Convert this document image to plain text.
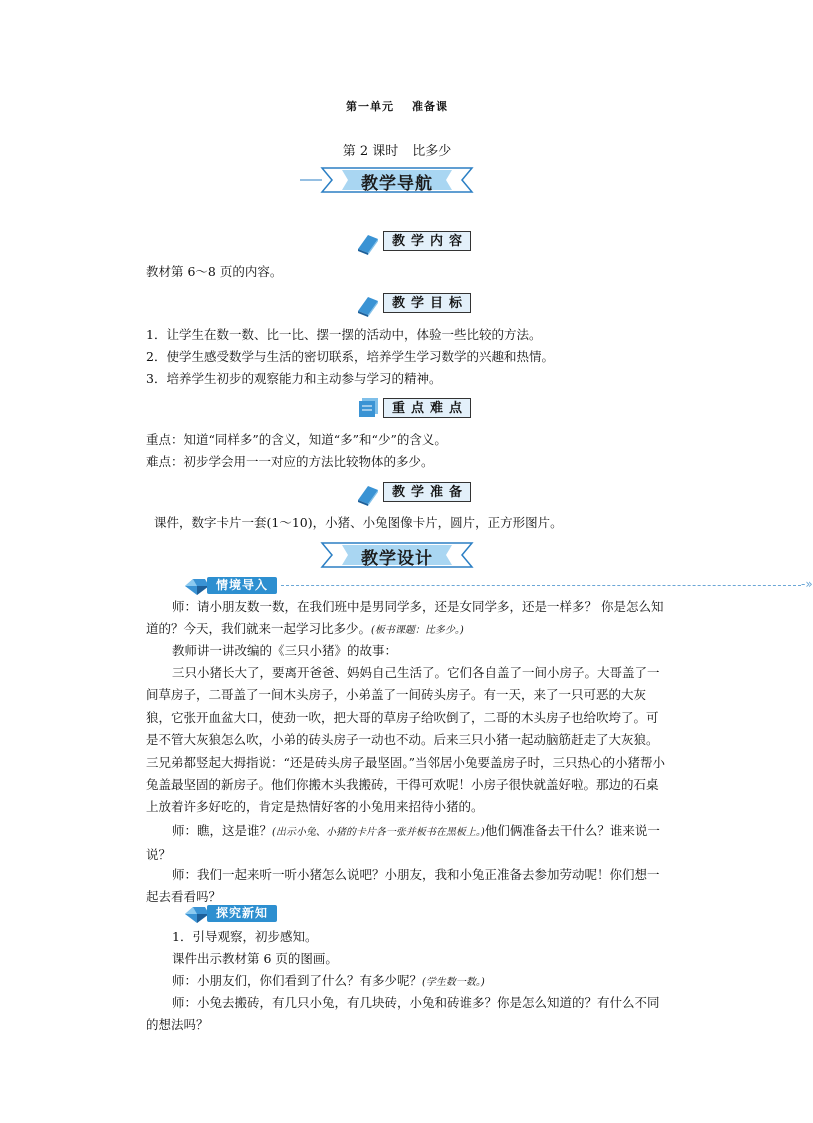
第一单元 准备课
第 2 课时 比多少
教学导航
教学内容
教材第 6～8 页的内容。
教学目标
1．让学生在数一数、比一比、摆一摆的活动中，体验一些比较的方法。
2．使学生感受数学与生活的密切联系，培养学生学习数学的兴趣和热情。
3．培养学生初步的观察能力和主动参与学习的精神。
重点难点
重点：知道“同样多”的含义，知道“多”和“少”的含义。
难点：初步学会用一一对应的方法比较物体的多少。
教学准备
课件，数字卡片一套(1～10)，小猪、小兔图像卡片，圆片，正方形图片。
教学设计
情境导入	-»
师：请小朋友数一数，在我们班中是男同学多，还是女同学多，还是一样多？ 你是怎么知道的？今天，我们就来一起学习比多少。(板书课题：比多少。)
教师讲一讲改编的《三只小猪》的故事：
三只小猪长大了，要离开爸爸、妈妈自己生活了。它们各自盖了一间小房子。大哥盖了一间草房子，二哥盖了一间木头房子，小弟盖了一间砖头房子。有一天，来了一只可恶的大灰狼，它张开血盆大口，使劲一吹，把大哥的草房子给吹倒了，二哥的木头房子也给吹垮了。可是不管大灰狼怎么吹，小弟的砖头房子一动也不动。后来三只小猪一起动脑筋赶走了大灰狼。三兄弟都竖起大拇指说：“还是砖头房子最坚固。”当邻居小兔要盖房子时，三只热心的小猪帮小兔盖最坚固的新房子。他们你搬木头我搬砖，干得可欢呢！小房子很快就盖好啦。那边的石桌上放着许多好吃的，肯定是热情好客的小兔用来招待小猪的。
师：瞧，这是谁？(出示小兔、小猪的卡片各一张并板书在黑板上。)他们俩准备去干什么？谁来说一说？
师：我们一起来听一听小猪怎么说吧？小朋友，我和小兔正准备去参加劳动呢！你们想一起去看看吗？
探究新知
1．引导观察，初步感知。
课件出示教材第 6 页的图画。
师：小朋友们，你们看到了什么？有多少呢？(学生数一数。)
师：小兔去搬砖，有几只小兔，有几块砖，小兔和砖谁多？你是怎么知道的？有什么不同的想法吗？
